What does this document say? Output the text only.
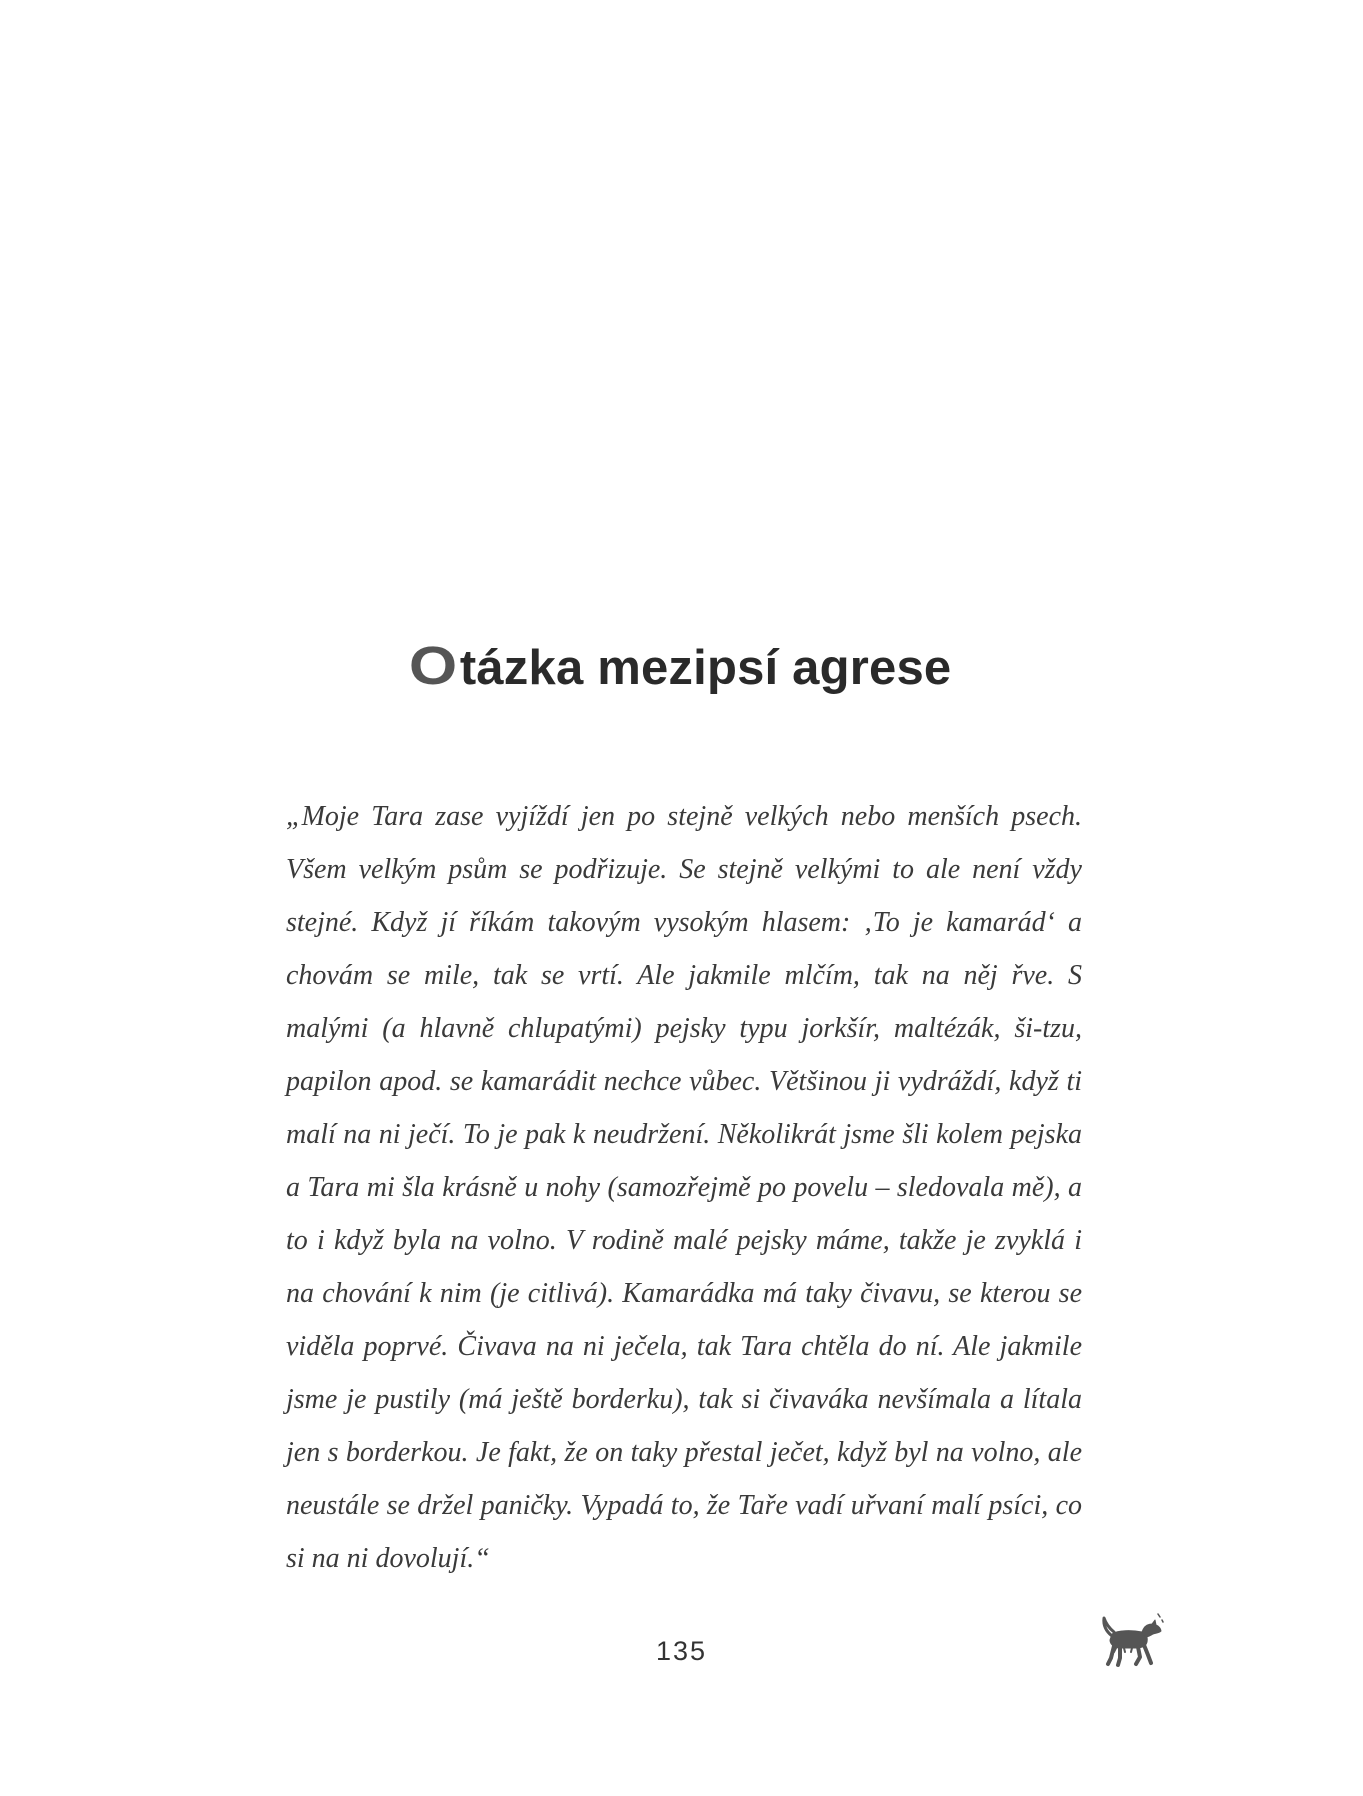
Otázka mezipsí agrese

„Moje Tara zase vyjíždí jen po stejně velkých nebo menších psech. Všem velkým psům se podřizuje. Se stejně velkými to ale není vždy stejné. Když jí říkám takovým vysokým hlasem: ‚To je kamarád‘ a chovám se mile, tak se vrtí. Ale jakmile mlčím, tak na něj řve. S malými (a hlavně chlupatými) pejsky typu jorkšír, maltézák, ši-tzu, papilon apod. se kamarádit nechce vůbec. Většinou ji vydráždí, když ti malí na ni ječí. To je pak k neudržení. Několikrát jsme šli kolem pejska a Tara mi šla krásně u nohy (samozřejmě po povelu – sledovala mě), a to i když byla na volno. V rodině malé pejsky máme, takže je zvyklá i na chování k nim (je citlivá). Kamarádka má taky čivavu, se kterou se viděla poprvé. Čivava na ni ječela, tak Tara chtěla do ní. Ale jakmile jsme je pustily (má ještě borderku), tak si čivaváka nevšímala a lítala jen s borderkou. Je fakt, že on taky přestal ječet, když byl na volno, ale neustále se držel paničky. Vypadá to, že Taře vadí uřvaní malí psíci, co si na ni dovolují.“

135
